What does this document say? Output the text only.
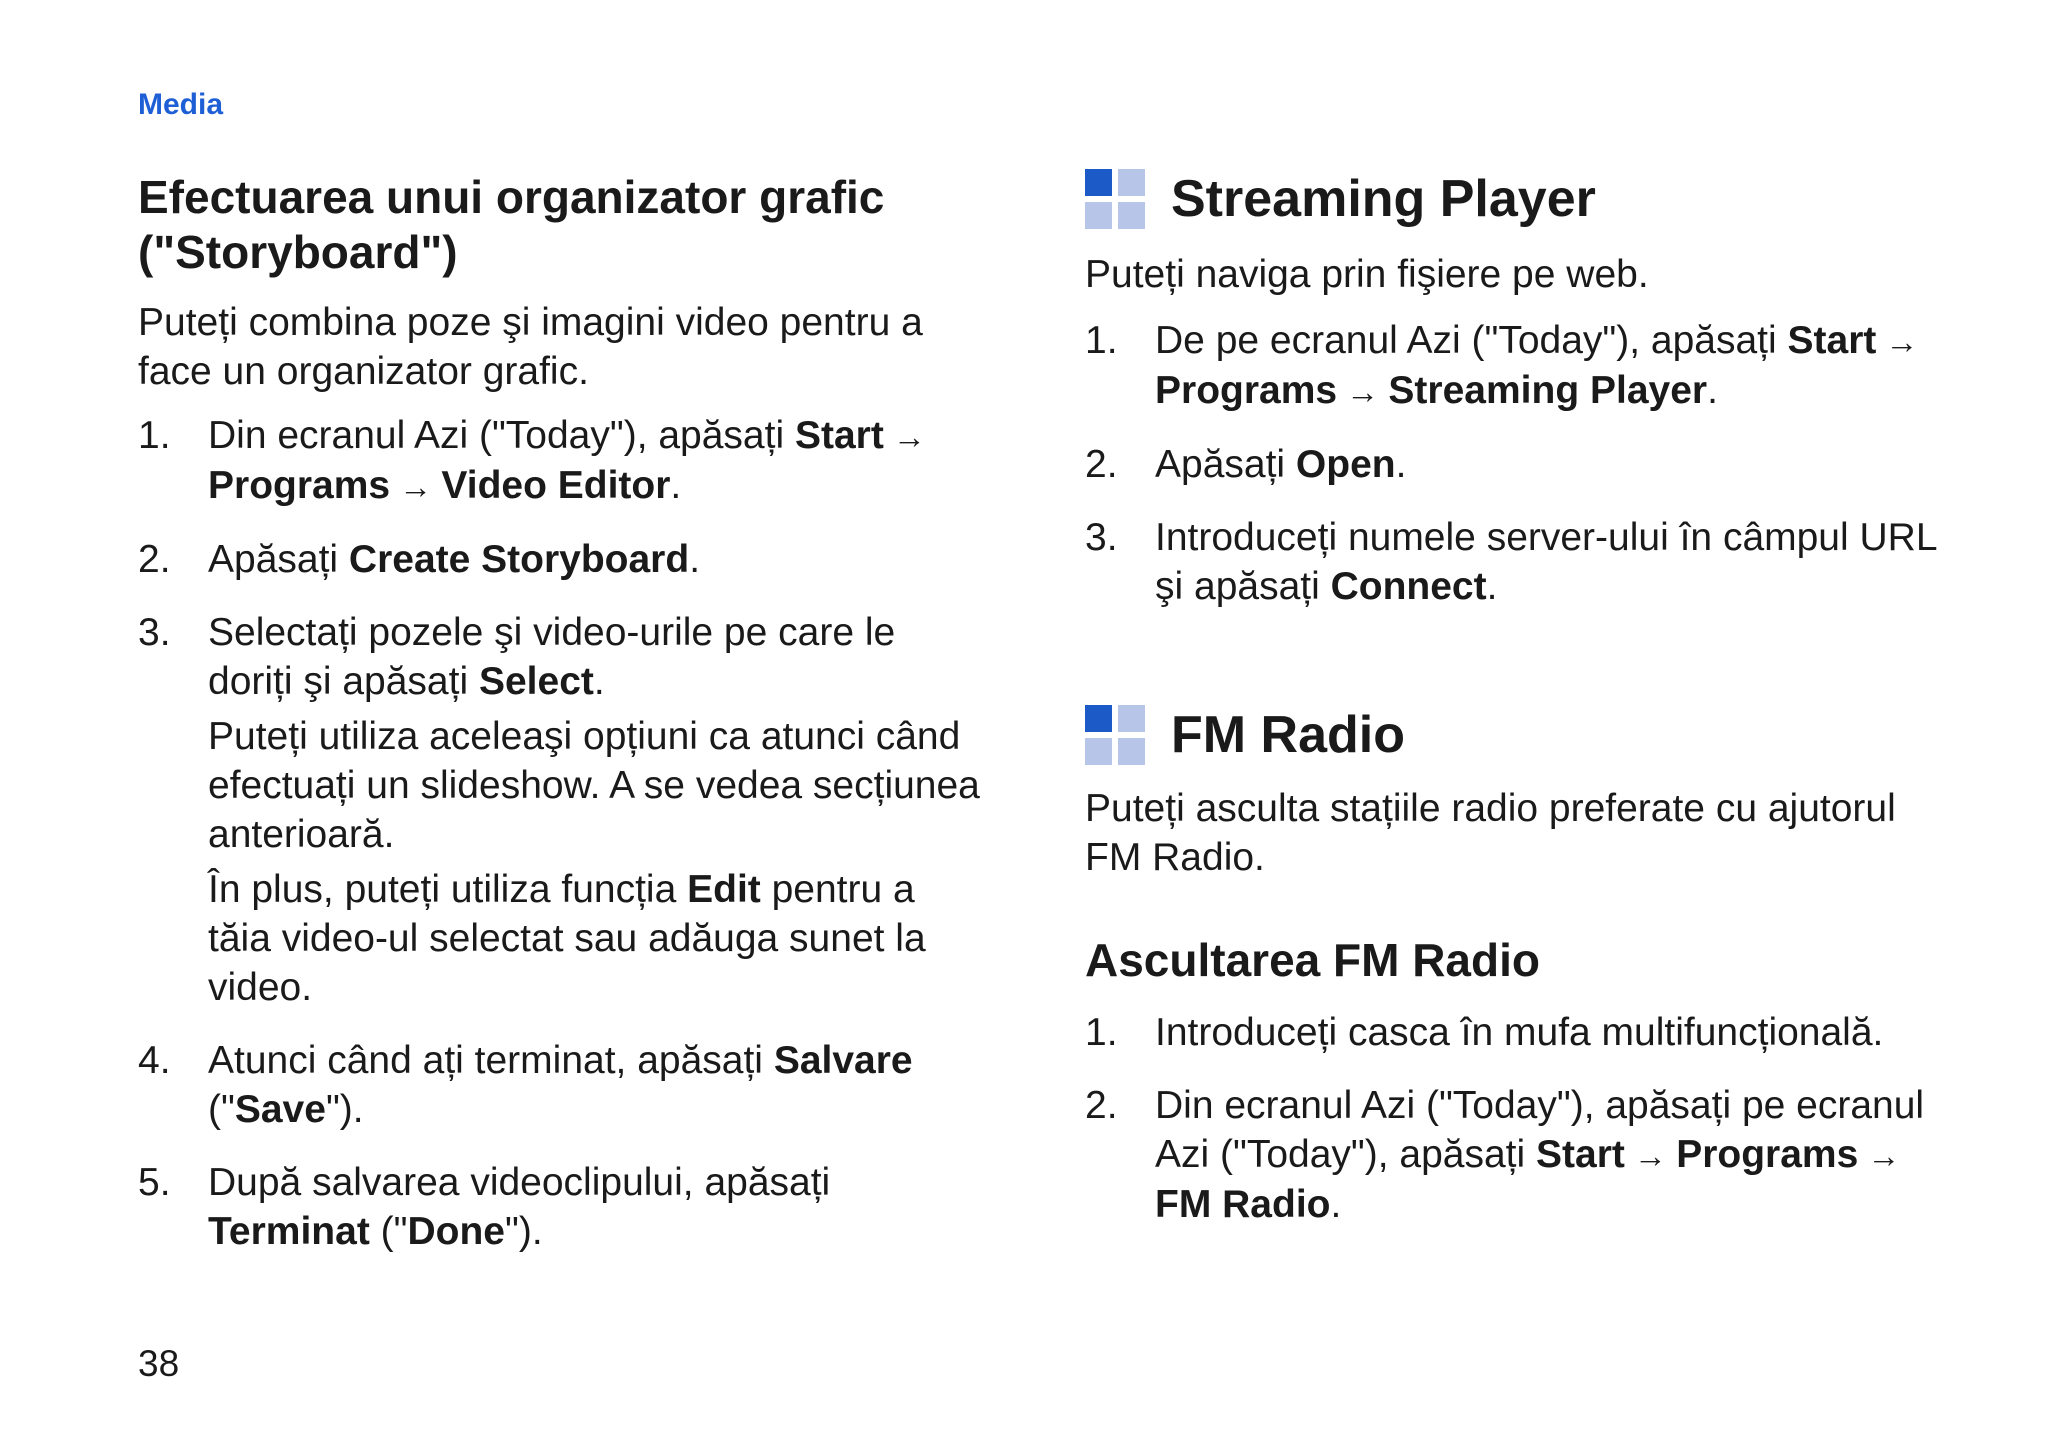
Media
Efectuarea unui organizator grafic ("Storyboard")

Puteți combina poze şi imagini video pentru a face un organizator grafic.

1. Din ecranul Azi ("Today"), apăsați Start → Programs → Video Editor.

2. Apăsați Create Storyboard.

3. Selectați pozele şi video-urile pe care le doriți şi apăsați Select.

Puteți utiliza aceleaşi opțiuni ca atunci când efectuați un slideshow. A se vedea secțiunea anterioară.

În plus, puteți utiliza funcția Edit pentru a tăia video-ul selectat sau adăuga sunet la video.

4. Atunci când ați terminat, apăsați Salvare ("Save").

5. După salvarea videoclipului, apăsați Terminat ("Done").

Streaming Player

Puteți naviga prin fişiere pe web.

1. De pe ecranul Azi ("Today"), apăsați Start → Programs → Streaming Player.

2. Apăsați Open.

3. Introduceți numele server-ului în câmpul URL şi apăsați Connect.

FM Radio

Puteți asculta stațiile radio preferate cu ajutorul FM Radio.

Ascultarea FM Radio
1. Introduceți casca în mufa multifuncțională.

2. Din ecranul Azi ("Today"), apăsați pe ecranul Azi ("Today"), apăsați Start → Programs → FM Radio.

38
